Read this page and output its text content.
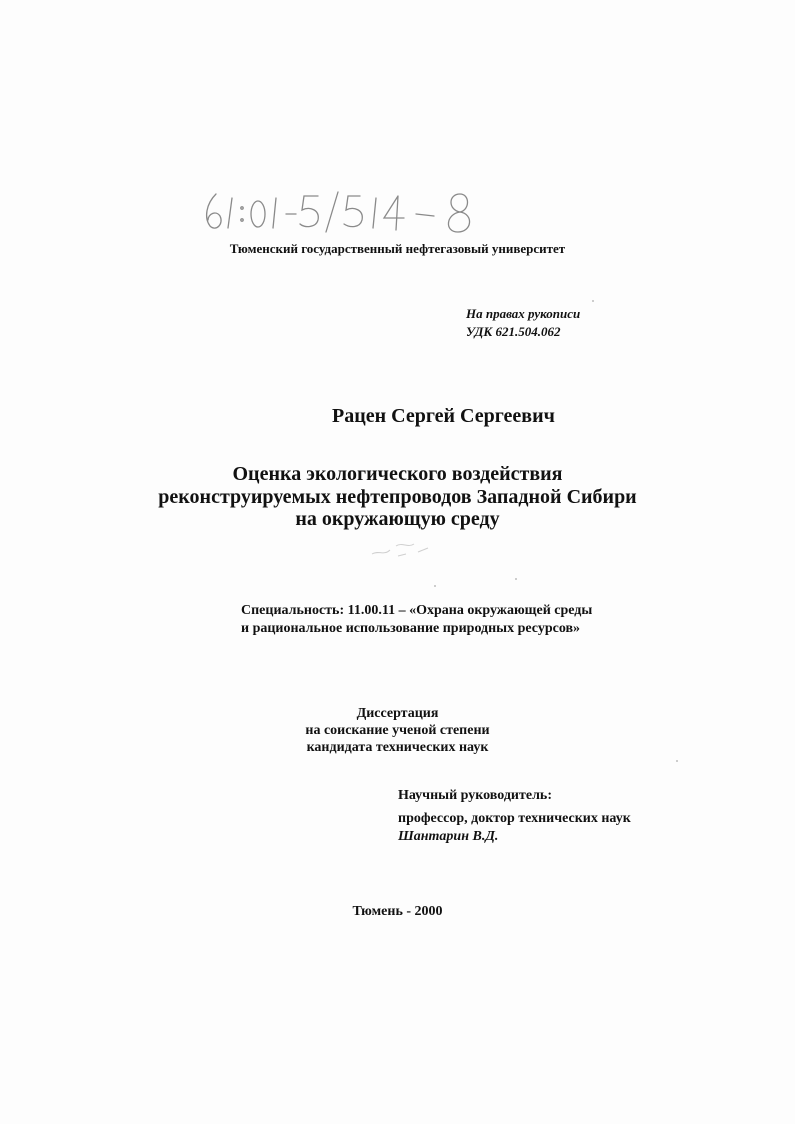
Тюменский государственный нефтегазовый университет
На правах рукописи
УДК 621.504.062
Рацен Сергей Сергеевич
Оценка экологического воздействия
реконструируемых нефтепроводов Западной Сибири
на окружающую среду
Специальность: 11.00.11 – «Охрана окружающей среды
и рациональное использование природных ресурсов»
Диссертация
на соискание ученой степени
кандидата технических наук
Научный руководитель:
профессор, доктор технических наук
Шантарин В.Д.
Тюмень - 2000
